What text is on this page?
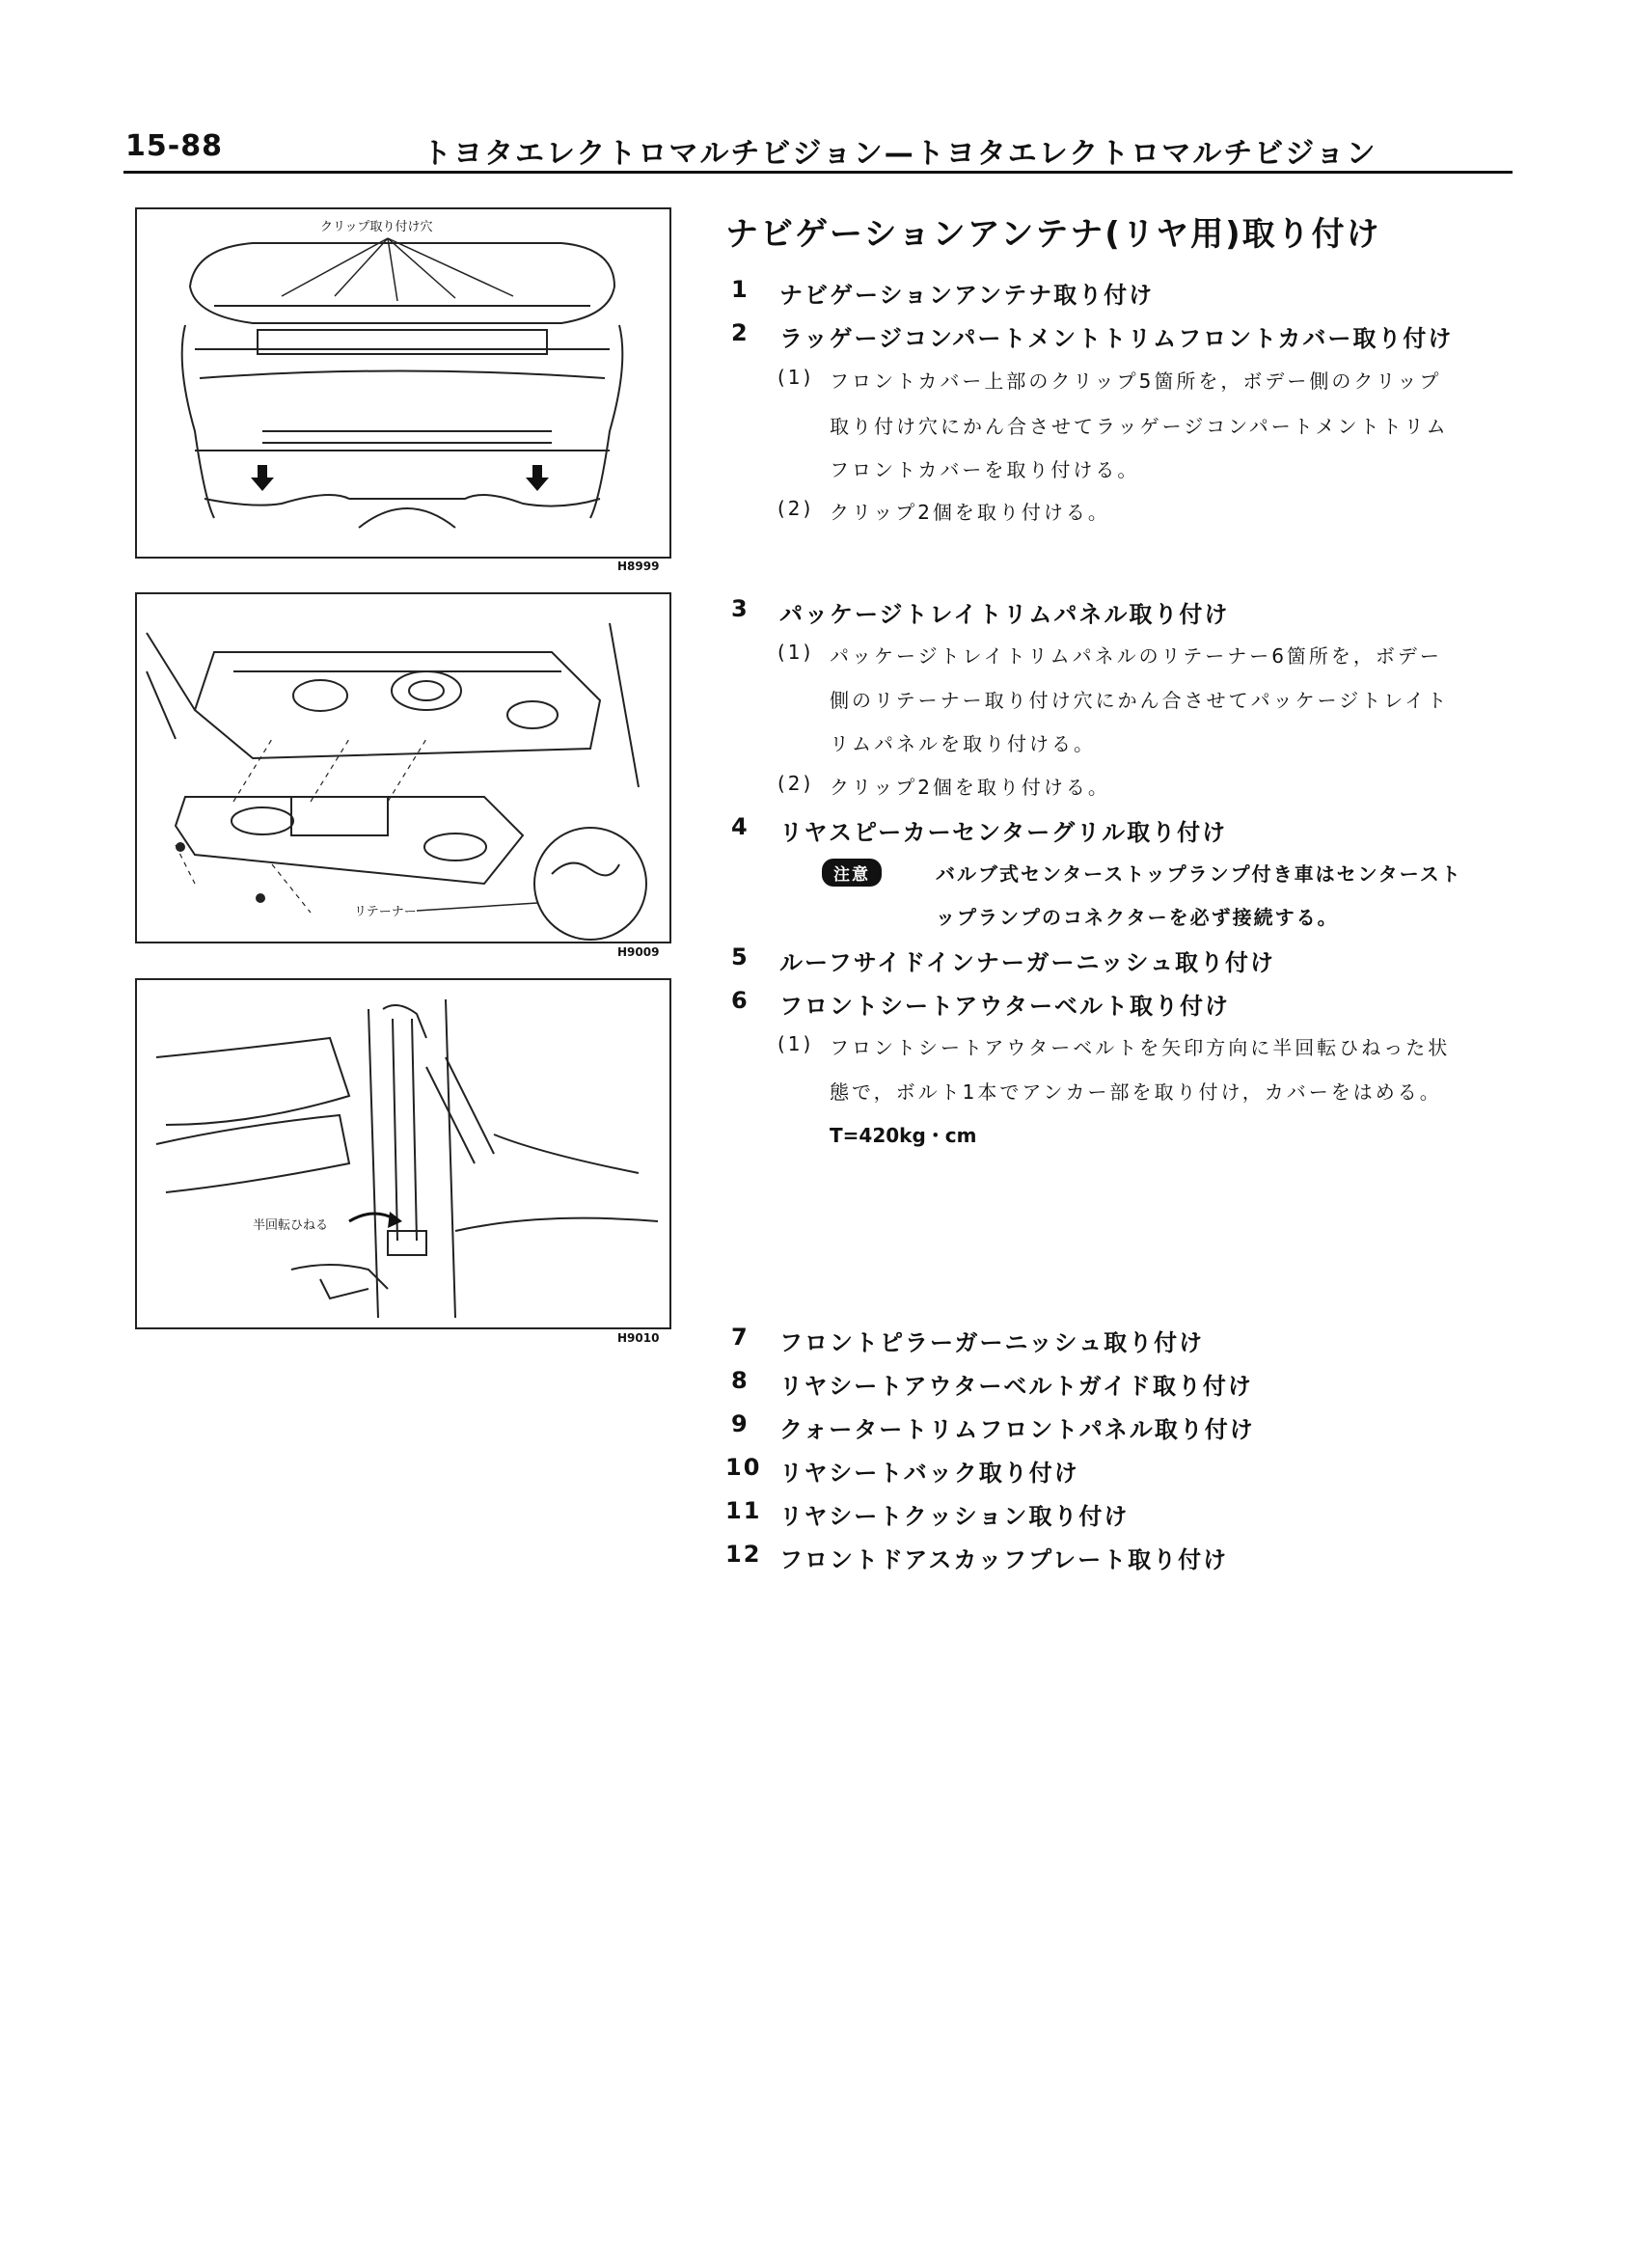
15-88	トヨタエレクトロマルチビジョン—トヨタエレクトロマルチビジョン
クリップ取り付け穴
H8999
リテーナー
H9009
半回転ひねる
H9010
ナビゲーションアンテナ(リヤ用)取り付け
1 ナビゲーションアンテナ取り付け
2 ラッゲージコンパートメントトリムフロントカバー取り付け
(1) フロントカバー上部のクリップ5箇所を，ボデー側のクリップ
取り付け穴にかん合させてラッゲージコンパートメントトリム
フロントカバーを取り付ける。
(2) クリップ2個を取り付ける。
3 パッケージトレイトリムパネル取り付け
(1) パッケージトレイトリムパネルのリテーナー6箇所を，ボデー
側のリテーナー取り付け穴にかん合させてパッケージトレイト
リムパネルを取り付ける。
(2) クリップ2個を取り付ける。
4 リヤスピーカーセンターグリル取り付け
注意	バルブ式センターストップランプ付き車はセンタースト
ップランプのコネクターを必ず接続する。
5 ルーフサイドインナーガーニッシュ取り付け
6 フロントシートアウターベルト取り付け
(1) フロントシートアウターベルトを矢印方向に半回転ひねった状
態で，ボルト1本でアンカー部を取り付け，カバーをはめる。
T=420kg・cm
7 フロントピラーガーニッシュ取り付け
8 リヤシートアウターベルトガイド取り付け
9 クォータートリムフロントパネル取り付け
10 リヤシートバック取り付け
11 リヤシートクッション取り付け
12 フロントドアスカッフプレート取り付け
